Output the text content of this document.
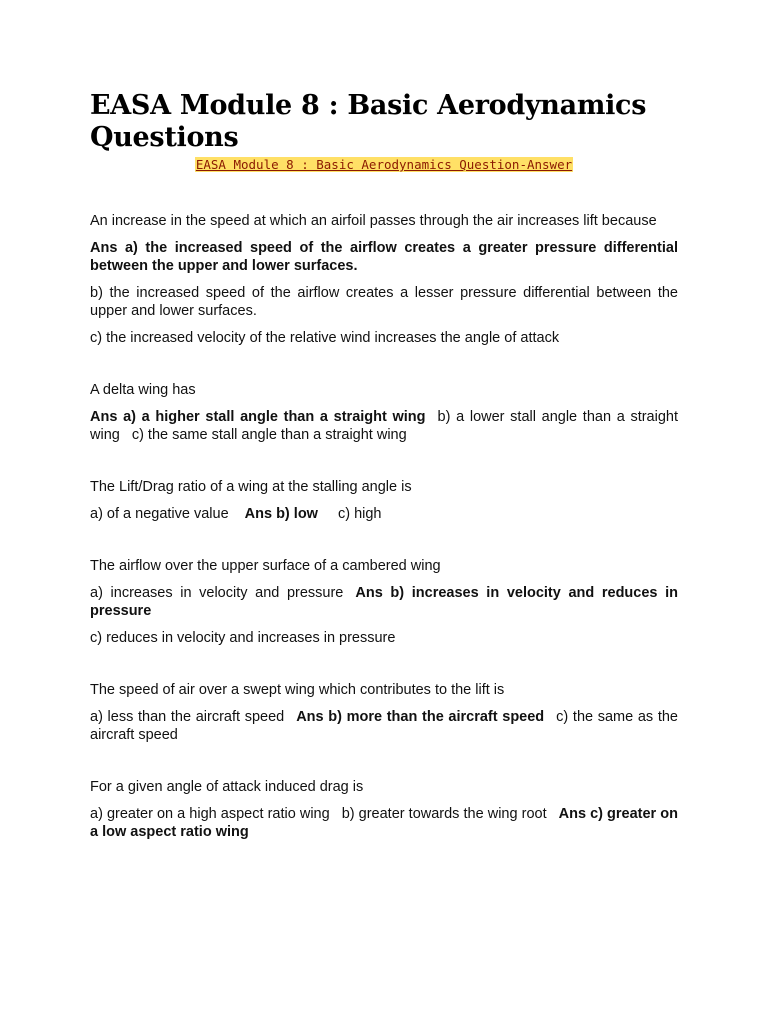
EASA Module 8 : Basic Aerodynamics Questions
EASA Module 8 : Basic Aerodynamics Question-Answer

An increase in the speed at which an airfoil passes through the air increases lift because

Ans a) the increased speed of the airflow creates a greater pressure differential between the upper and lower surfaces.

b) the increased speed of the airflow creates a lesser pressure differential between the upper and lower surfaces.

c) the increased velocity of the relative wind increases the angle of attack

A delta wing has

Ans a) a higher stall angle than a straight wing b) a lower stall angle than a straight wing c) the same stall angle than a straight wing

The Lift/Drag ratio of a wing at the stalling angle is

a) of a negative value Ans b) low c) high

The airflow over the upper surface of a cambered wing

a) increases in velocity and pressure Ans b) increases in velocity and reduces in pressure

c) reduces in velocity and increases in pressure

The speed of air over a swept wing which contributes to the lift is

a) less than the aircraft speed Ans b) more than the aircraft speed c) the same as the aircraft speed

For a given angle of attack induced drag is

a) greater on a high aspect ratio wing b) greater towards the wing root Ans c) greater on a low aspect ratio wing
